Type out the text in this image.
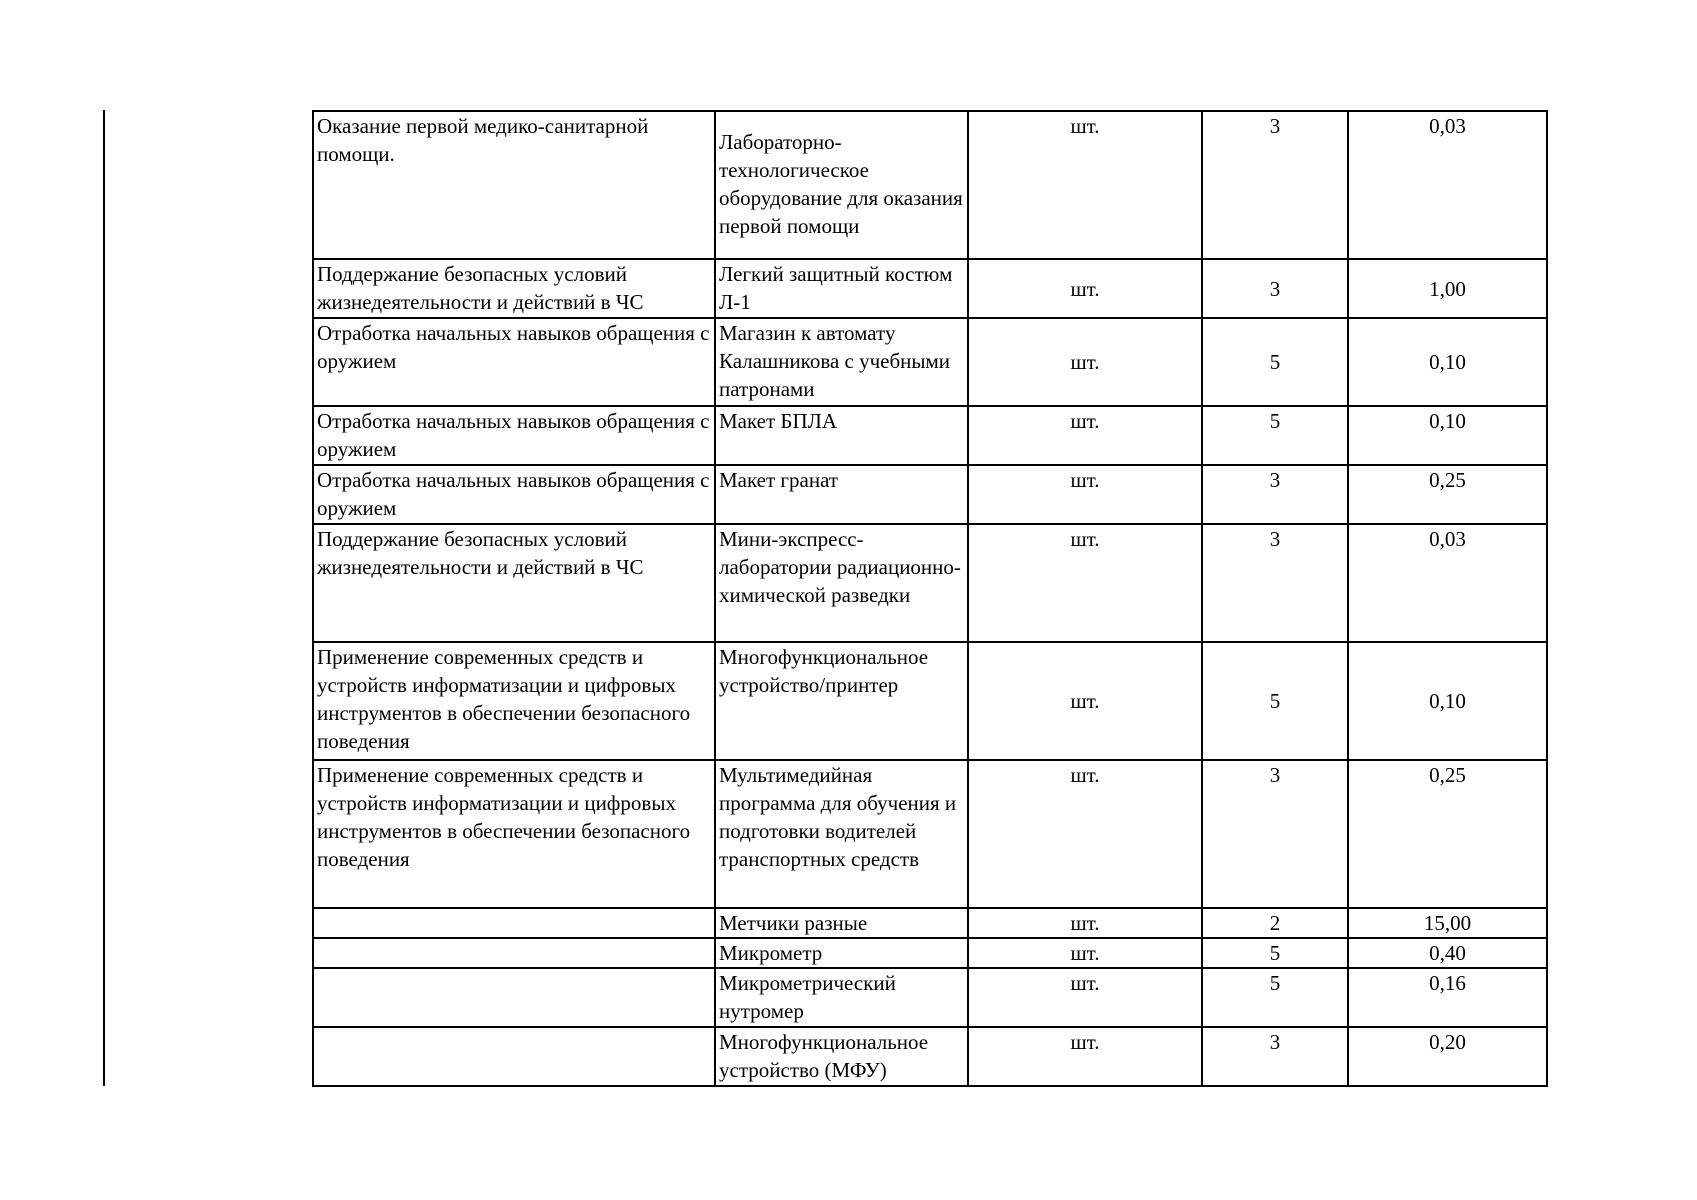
Оказание первой медико-санитарной помощи.	Лабораторно-технологическое оборудование для оказания первой помощи	шт.	3	0,03
Поддержание безопасных условий жизнедеятельности и действий в ЧС	Легкий защитный костюм Л-1	шт.	3	1,00
Отработка начальных навыков обращения с оружием	Магазин к автомату Калашникова с учебными патронами	шт.	5	0,10
Отработка начальных навыков обращения с оружием	Макет БПЛА	шт.	5	0,10
Отработка начальных навыков обращения с оружием	Макет гранат	шт.	3	0,25
Поддержание безопасных условий жизнедеятельности и действий в ЧС	Мини-экспресс-лаборатории радиационно-химической разведки	шт.	3	0,03
Применение современных средств и устройств информатизации и цифровых инструментов в обеспечении безопасного поведения	Многофункциональное устройство/принтер	шт.	5	0,10
Применение современных средств и устройств информатизации и цифровых инструментов в обеспечении безопасного поведения	Мультимедийная программа для обучения и подготовки водителей транспортных средств	шт.	3	0,25
	Метчики разные	шт.	2	15,00
	Микрометр	шт.	5	0,40
	Микрометрический нутромер	шт.	5	0,16
	Многофункциональное устройство (МФУ)	шт.	3	0,20
